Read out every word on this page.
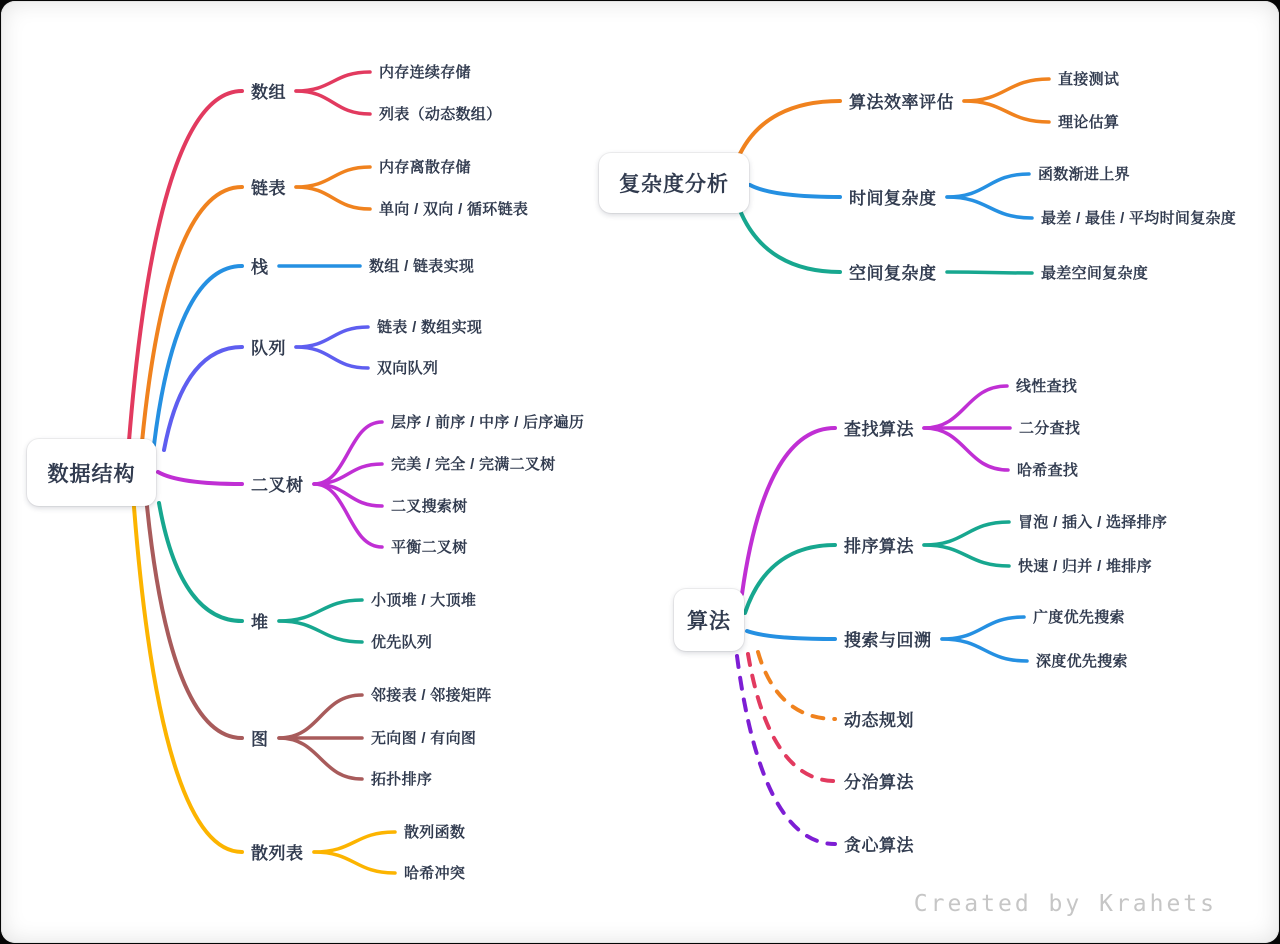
数据结构
数组
内存连续存储
列表（动态数组）
链表
内存离散存储
单向 / 双向 / 循环链表
栈	数组 / 链表实现
队列
链表 / 数组实现
双向队列
二叉树
层序 / 前序 / 中序 / 后序遍历
完美 / 完全 / 完满二叉树
二叉搜索树
平衡二叉树
堆
小顶堆 / 大顶堆
优先队列
图
邻接表 / 邻接矩阵
无向图 / 有向图
拓扑排序
散列表
散列函数
哈希冲突
复杂度分析
算法效率评估
直接测试
理论估算
时间复杂度
函数渐进上界
最差 / 最佳 / 平均时间复杂度
空间复杂度	最差空间复杂度
算法
查找算法
线性查找
二分查找
哈希查找
排序算法
冒泡 / 插入 / 选择排序
快速 / 归并 / 堆排序
搜索与回溯
广度优先搜索
深度优先搜索
动态规划
分治算法
贪心算法
Created by Krahets
